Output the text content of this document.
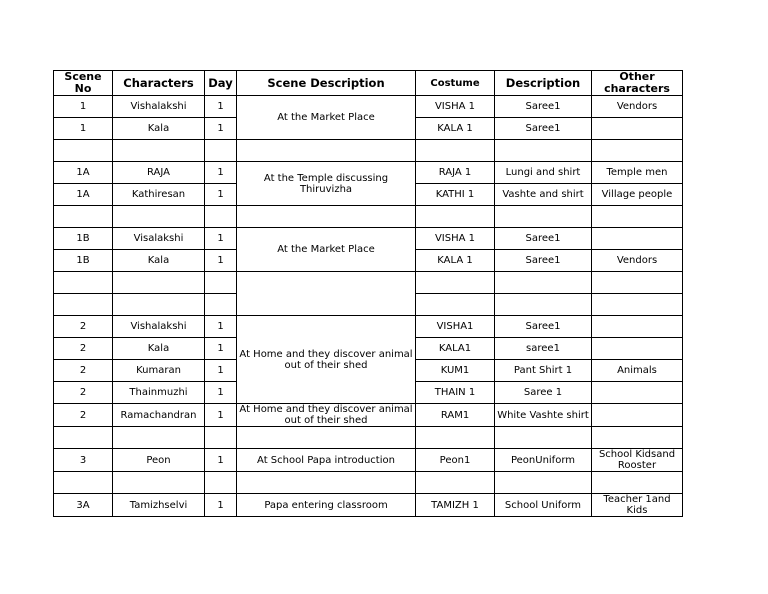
Scene No	Characters	Day	Scene Description	Costume	Description	Other characters
1	Vishalakshi	1	At the Market Place	VISHA 1	Saree1	Vendors
1	Kala	1		KALA 1	Saree1	

1A	RAJA	1	At the Temple discussing Thiruvizha	RAJA 1	Lungi and shirt	Temple men
1A	Kathiresan	1		KATHI 1	Vashte and shirt	Village people

1B	Visalakshi	1	At the Market Place	VISHA 1	Saree1	
1B	Kala	1		KALA 1	Saree1	Vendors

2	Vishalakshi	1	At Home and they discover animal out of their shed	VISHA1	Saree1	
2	Kala	1		KALA1	saree1	
2	Kumaran	1		KUM1	Pant Shirt 1	Animals
2	Thainmuzhi	1		THAIN 1	Saree 1	
2	Ramachandran	1	At Home and they discover animal out of their shed	RAM1	White Vashte shirt	

3	Peon	1	At School Papa introduction	Peon1	PeonUniform	School Kidsand Rooster

3A	Tamizhselvi	1	Papa entering classroom	TAMIZH 1	School Uniform	Teacher 1and Kids
